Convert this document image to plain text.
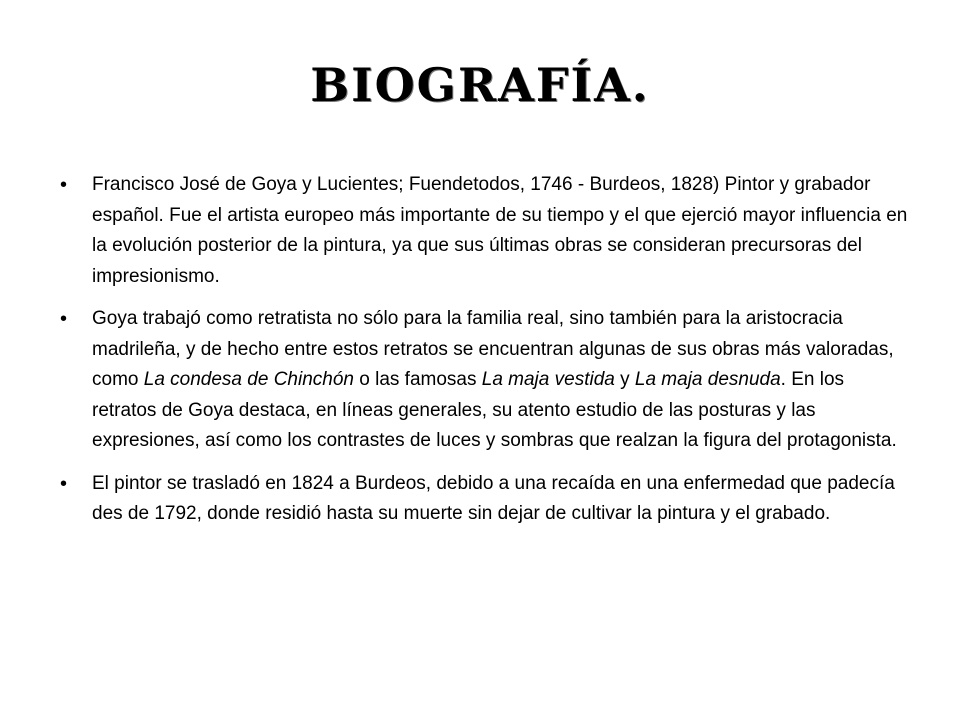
BIOGRAFÍA.
• Francisco José de Goya y Lucientes; Fuendetodos, 1746 - Burdeos, 1828) Pintor y grabador español. Fue el artista europeo más importante de su tiempo y el que ejerció mayor influencia en la evolución posterior de la pintura, ya que sus últimas obras se consideran precursoras del impresionismo.
• Goya trabajó como retratista no sólo para la familia real, sino también para la aristocracia madrileña, y de hecho entre estos retratos se encuentran algunas de sus obras más valoradas, como La condesa de Chinchón o las famosas La maja vestida y La maja desnuda. En los retratos de Goya destaca, en líneas generales, su atento estudio de las posturas y las expresiones, así como los contrastes de luces y sombras que realzan la figura del protagonista.
• El pintor se trasladó en 1824 a Burdeos, debido a una recaída en una enfermedad que padecía des de 1792, donde residió hasta su muerte sin dejar de cultivar la pintura y el grabado.
